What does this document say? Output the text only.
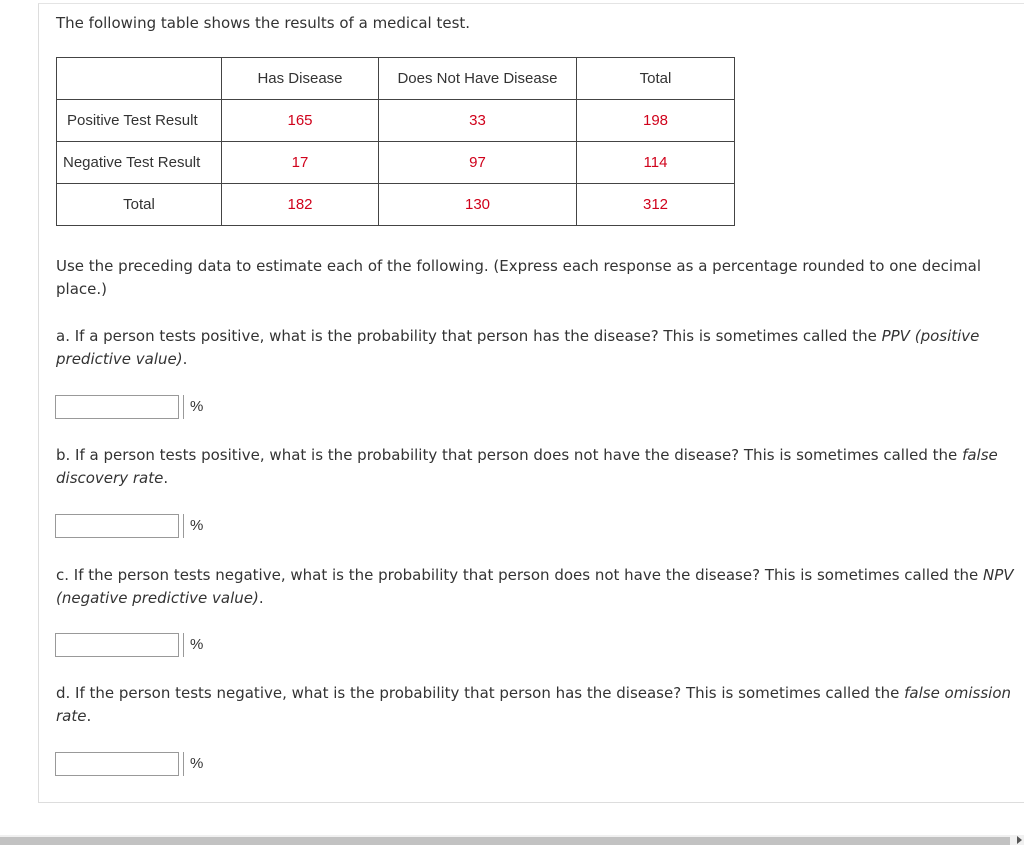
The following table shows the results of a medical test.

	Has Disease	Does Not Have Disease	Total
Positive Test Result	165	33	198
Negative Test Result	17	97	114
Total	182	130	312

Use the preceding data to estimate each of the following. (Express each response as a percentage rounded to one decimal place.)

a. If a person tests positive, what is the probability that person has the disease? This is sometimes called the PPV (positive predictive value).

%

b. If a person tests positive, what is the probability that person does not have the disease? This is sometimes called the false discovery rate.

%

c. If the person tests negative, what is the probability that person does not have the disease? This is sometimes called the NPV (negative predictive value).

%

d. If the person tests negative, what is the probability that person has the disease? This is sometimes called the false omission rate.

%
